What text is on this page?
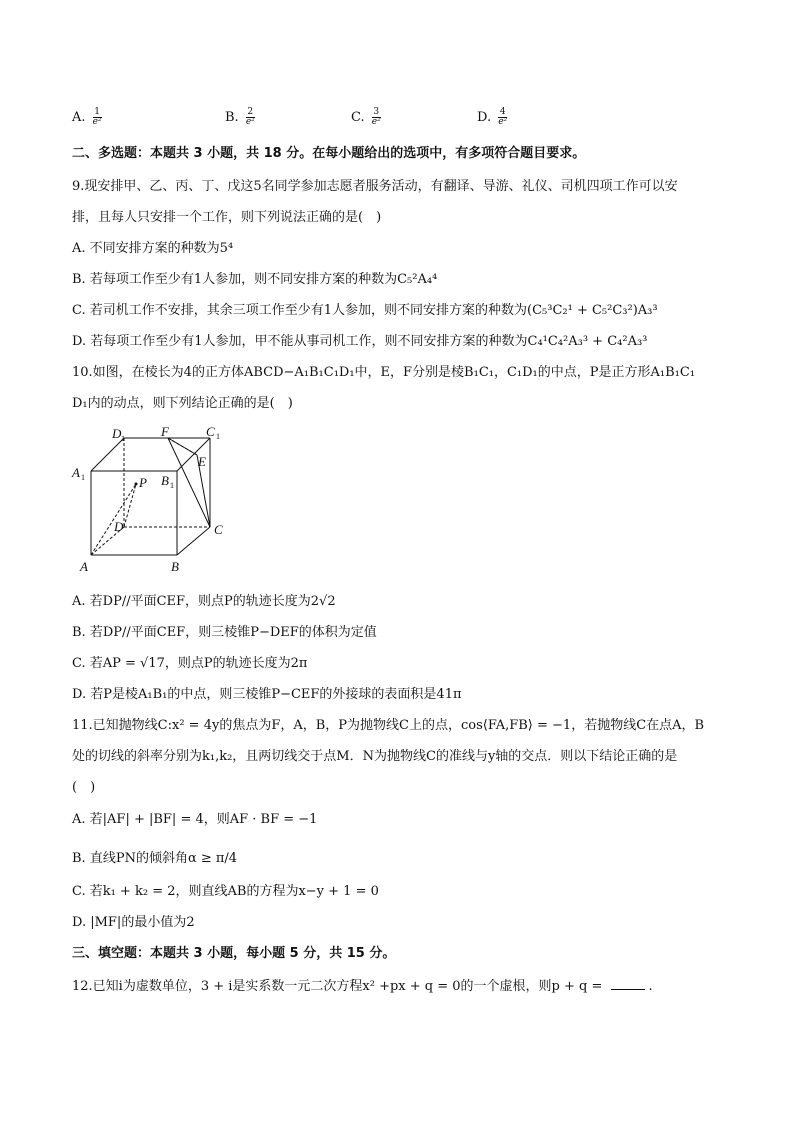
A. $\frac{1}{\text{e²}}$	B. $\frac{2}{\text{e²}}$	C. $\frac{3}{\text{e²}}$	D. $\frac{4}{\text{e²}}$
二、多选题：本题共 3 小题，共 18 分。在每小题给出的选项中，有多项符合题目要求。
9.现安排甲、乙、丙、丁、戊这5名同学参加志愿者服务活动，有翻译、导游、礼仪、司机四项工作可以安
排，且每人只安排一个工作，则下列说法正确的是(　)
A. 不同安排方案的种数为5⁴
B. 若每项工作至少有1人参加，则不同安排方案的种数为C₅²A₄⁴
C. 若司机工作不安排，其余三项工作至少有1人参加，则不同安排方案的种数为(C₅³C₂¹ + C₅²C₃²)A₃³
D. 若每项工作至少有1人参加，甲不能从事司机工作，则不同安排方案的种数为C₄¹C₄²A₃³ + C₄²A₃³
10.如图，在棱长为4的正方体ABCD−A₁B₁C₁D₁中，E，F分别是棱B₁C₁，C₁D₁的中点，P是正方形A₁B₁C₁
D₁内的动点，则下列结论正确的是(　)
D 1	F	C 1
E
A 1	P B 1
D	C
A	B
A. 若DP//平面CEF，则点P的轨迹长度为2√2
B. 若DP//平面CEF，则三棱锥P−DEF的体积为定值
C. 若AP = √17，则点P的轨迹长度为2π
D. 若P是棱A₁B₁的中点，则三棱锥P−CEF的外接球的表面积是41π
11.已知抛物线C:x² = 4y的焦点为F，A，B，P为抛物线C上的点，cos⟨FA,FB⟩ = −1，若抛物线C在点A，B
处的切线的斜率分别为k₁,k₂，且两切线交于点M．N为抛物线C的准线与y轴的交点．则以下结论正确的是
(　)
A. 若|AF| + |BF| = 4，则AF · BF = −1
B. 直线PN的倾斜角α ≥ π/4
C. 若k₁ + k₂ = 2，则直线AB的方程为x−y + 1 = 0
D. |MF|的最小值为2
三、填空题：本题共 3 小题，每小题 5 分，共 15 分。
12.已知i为虚数单位，3 + i是实系数一元二次方程x² +px + q = 0的一个虚根，则p + q =	.
